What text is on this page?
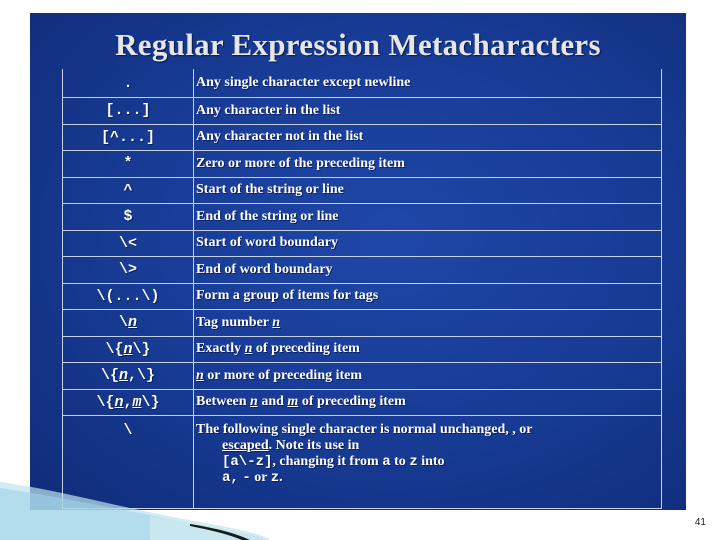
Regular Expression Metacharacters
.	Any single character except newline
[...]	Any character in the list
[^...]	Any character not in the list
*	Zero or more of the preceding item
^	Start of the string or line
$	End of the string or line
\<	Start of word boundary
\>	End of word boundary
\(...\)	Form a group of items for tags
\n	Tag number n
\{n\}	Exactly n of preceding item
\{n,\}	n or more of preceding item
\{n,m\}	Between n and m of preceding item
\	The following single character is normal unchanged, , or
escaped. Note its use in
[a\-z], changing it from a to z into
a, - or z.
41
